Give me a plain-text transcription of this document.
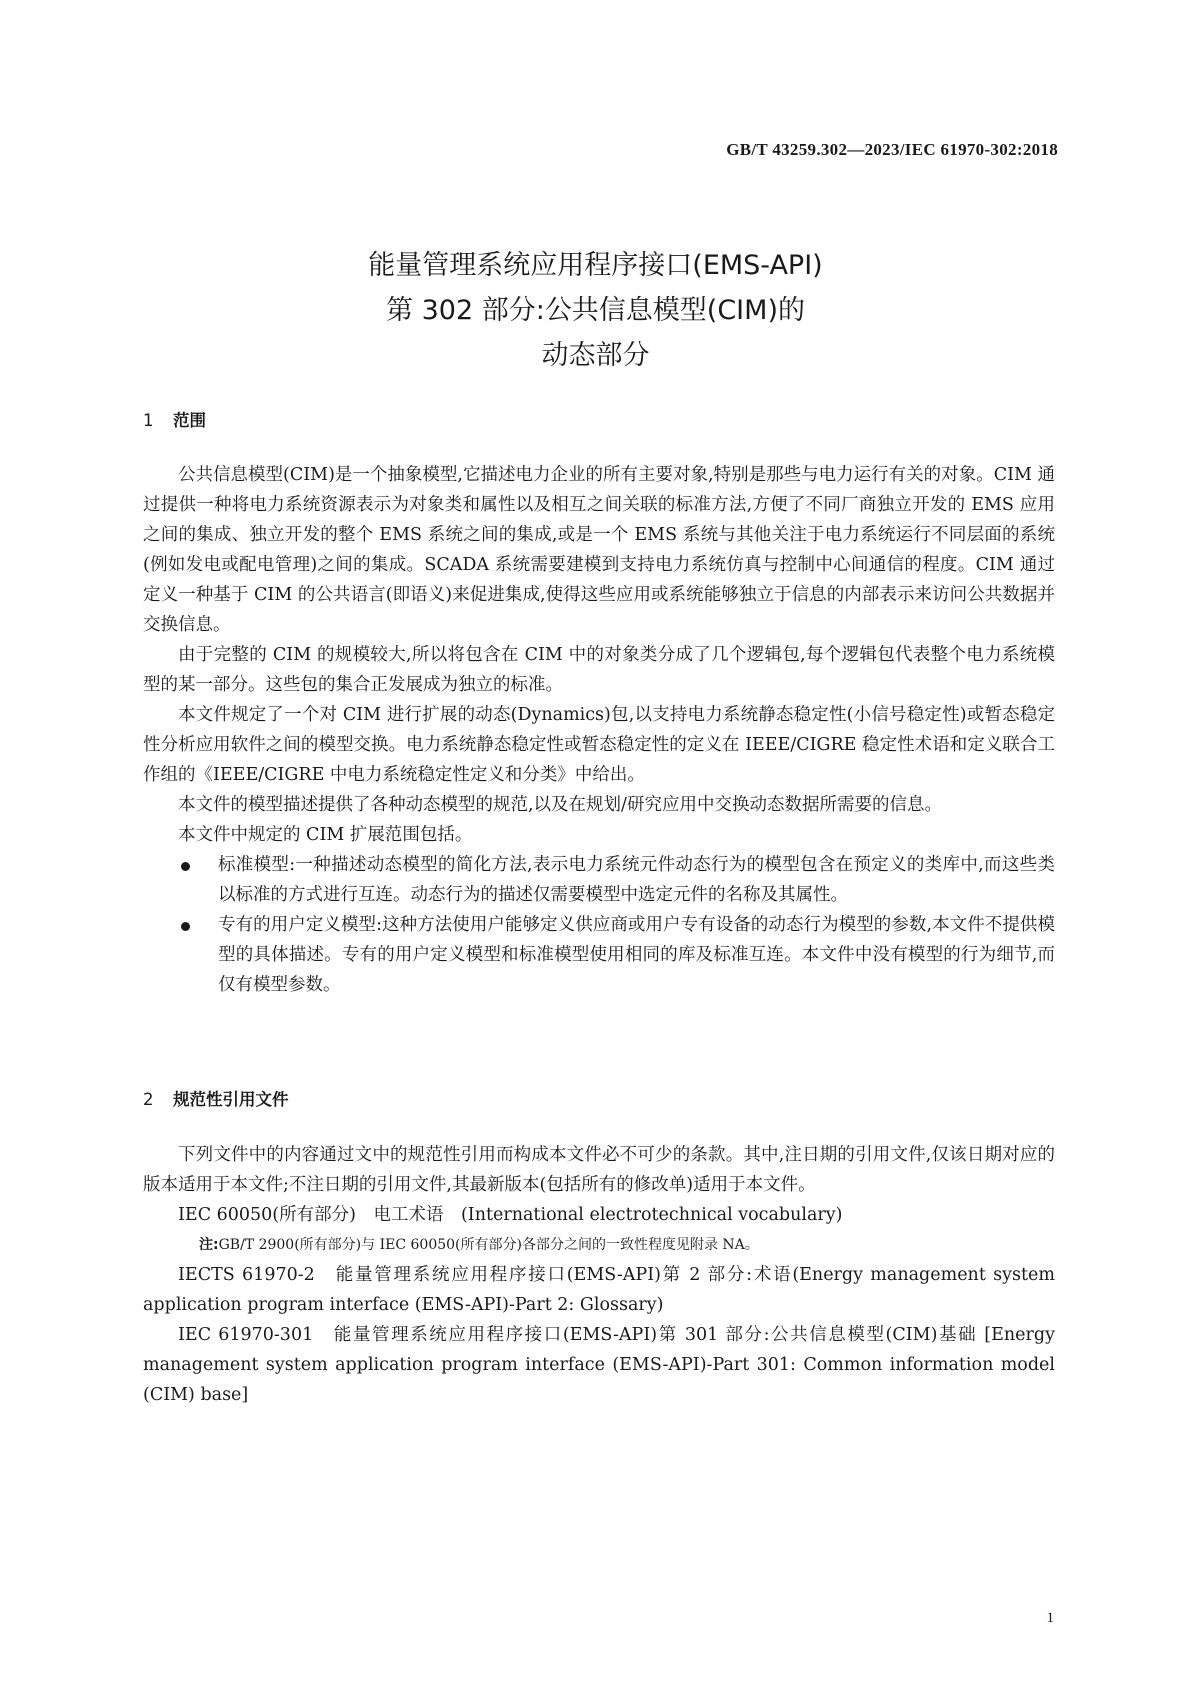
GB/T 43259.302—2023/IEC 61970-302:2018
能量管理系统应用程序接口(EMS-API)
第 302 部分:公共信息模型(CIM)的
动态部分
1 范围

公共信息模型(CIM)是一个抽象模型,它描述电力企业的所有主要对象,特别是那些与电力运行有关的对象。CIM 通过提供一种将电力系统资源表示为对象类和属性以及相互之间关联的标准方法,方便了不同厂商独立开发的 EMS 应用之间的集成、独立开发的整个 EMS 系统之间的集成,或是一个 EMS 系统与其他关注于电力系统运行不同层面的系统(例如发电或配电管理)之间的集成。SCADA 系统需要建模到支持电力系统仿真与控制中心间通信的程度。CIM 通过定义一种基于 CIM 的公共语言(即语义)来促进集成,使得这些应用或系统能够独立于信息的内部表示来访问公共数据并交换信息。

由于完整的 CIM 的规模较大,所以将包含在 CIM 中的对象类分成了几个逻辑包,每个逻辑包代表整个电力系统模型的某一部分。这些包的集合正发展成为独立的标准。

本文件规定了一个对 CIM 进行扩展的动态(Dynamics)包,以支持电力系统静态稳定性(小信号稳定性)或暂态稳定性分析应用软件之间的模型交换。电力系统静态稳定性或暂态稳定性的定义在 IEEE/CIGRE 稳定性术语和定义联合工作组的《IEEE/CIGRE 中电力系统稳定性定义和分类》中给出。

本文件的模型描述提供了各种动态模型的规范,以及在规划/研究应用中交换动态数据所需要的信息。

本文件中规定的 CIM 扩展范围包括。

标准模型:一种描述动态模型的简化方法,表示电力系统元件动态行为的模型包含在预定义的类库中,而这些类以标准的方式进行互连。动态行为的描述仅需要模型中选定元件的名称及其属性。
专有的用户定义模型:这种方法使用户能够定义供应商或用户专有设备的动态行为模型的参数,本文件不提供模型的具体描述。专有的用户定义模型和标准模型使用相同的库及标准互连。本文件中没有模型的行为细节,而仅有模型参数。
2 规范性引用文件

下列文件中的内容通过文中的规范性引用而构成本文件必不可少的条款。其中,注日期的引用文件,仅该日期对应的版本适用于本文件;不注日期的引用文件,其最新版本(包括所有的修改单)适用于本文件。

IEC 60050(所有部分)　电工术语　(International electrotechnical vocabulary)

注:GB/T 2900(所有部分)与 IEC 60050(所有部分)各部分之间的一致性程度见附录 NA。

IECTS 61970-2　能量管理系统应用程序接口(EMS-API)第 2 部分:术语(Energy management system application program interface (EMS-API)-Part 2: Glossary)

IEC 61970-301　能量管理系统应用程序接口(EMS-API)第 301 部分:公共信息模型(CIM)基础 [Energy management system application program interface (EMS-API)-Part 301: Common information model (CIM) base]

1
